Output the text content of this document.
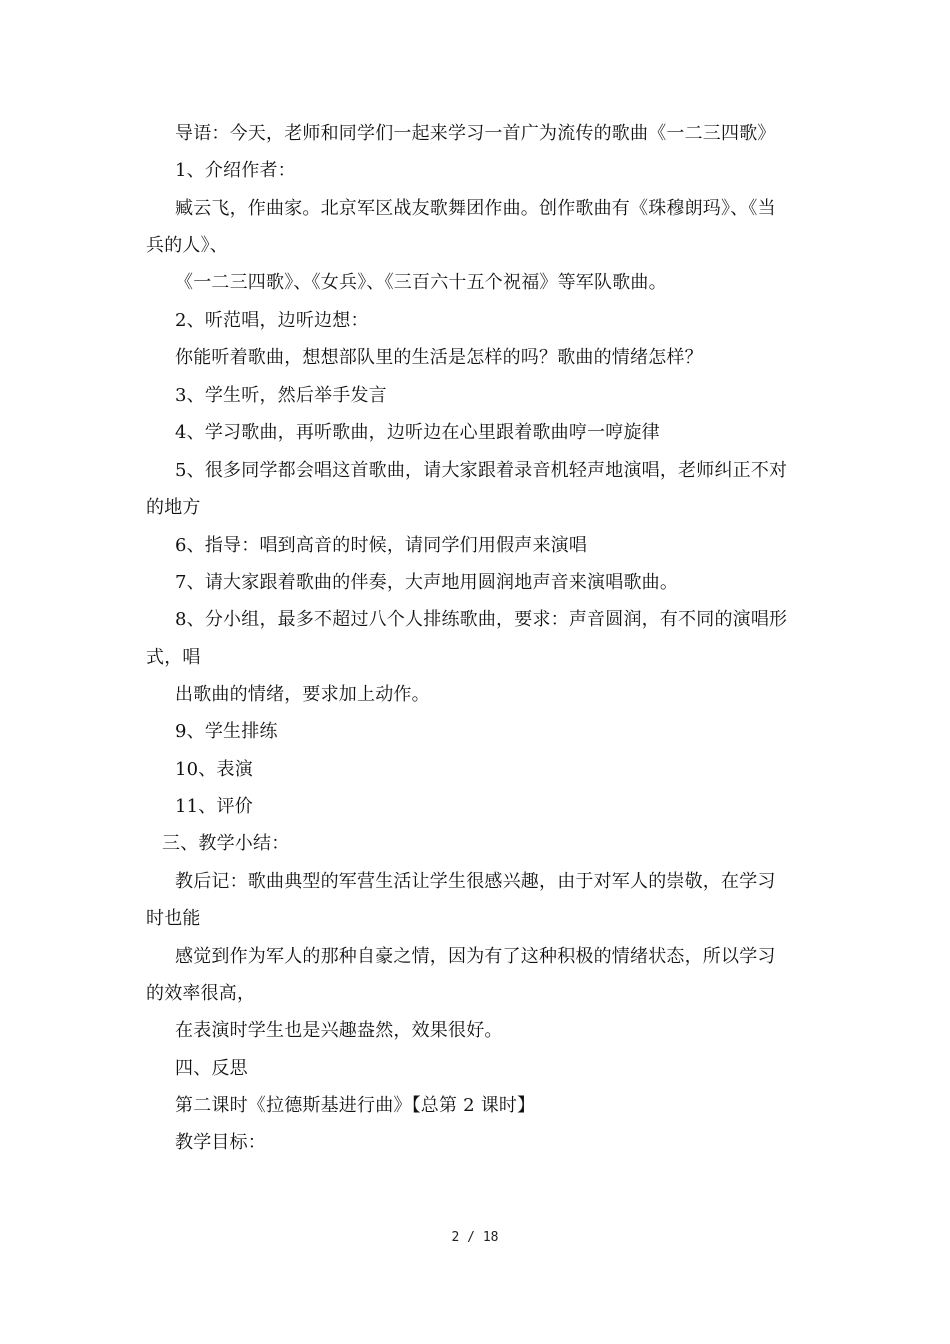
导语：今天，老师和同学们一起来学习一首广为流传的歌曲《一二三四歌》
1、介绍作者：
臧云飞，作曲家。北京军区战友歌舞团作曲。创作歌曲有《珠穆朗玛》、《当
兵的人》、
《一二三四歌》、《女兵》、《三百六十五个祝福》等军队歌曲。
2、听范唱，边听边想：
你能听着歌曲，想想部队里的生活是怎样的吗？歌曲的情绪怎样？
3、学生听，然后举手发言
4、学习歌曲，再听歌曲，边听边在心里跟着歌曲哼一哼旋律
5、很多同学都会唱这首歌曲，请大家跟着录音机轻声地演唱，老师纠正不对
的地方
6、指导：唱到高音的时候，请同学们用假声来演唱
7、请大家跟着歌曲的伴奏，大声地用圆润地声音来演唱歌曲。
8、分小组，最多不超过八个人排练歌曲，要求：声音圆润，有不同的演唱形
式，唱
出歌曲的情绪，要求加上动作。
9、学生排练
10、表演
11、评价
三、教学小结：
教后记：歌曲典型的军营生活让学生很感兴趣，由于对军人的崇敬，在学习
时也能
感觉到作为军人的那种自豪之情，因为有了这种积极的情绪状态，所以学习
的效率很高，
在表演时学生也是兴趣盎然，效果很好。
四、反思
第二课时《拉德斯基进行曲》【总第 2 课时】
教学目标：
2 / 18
